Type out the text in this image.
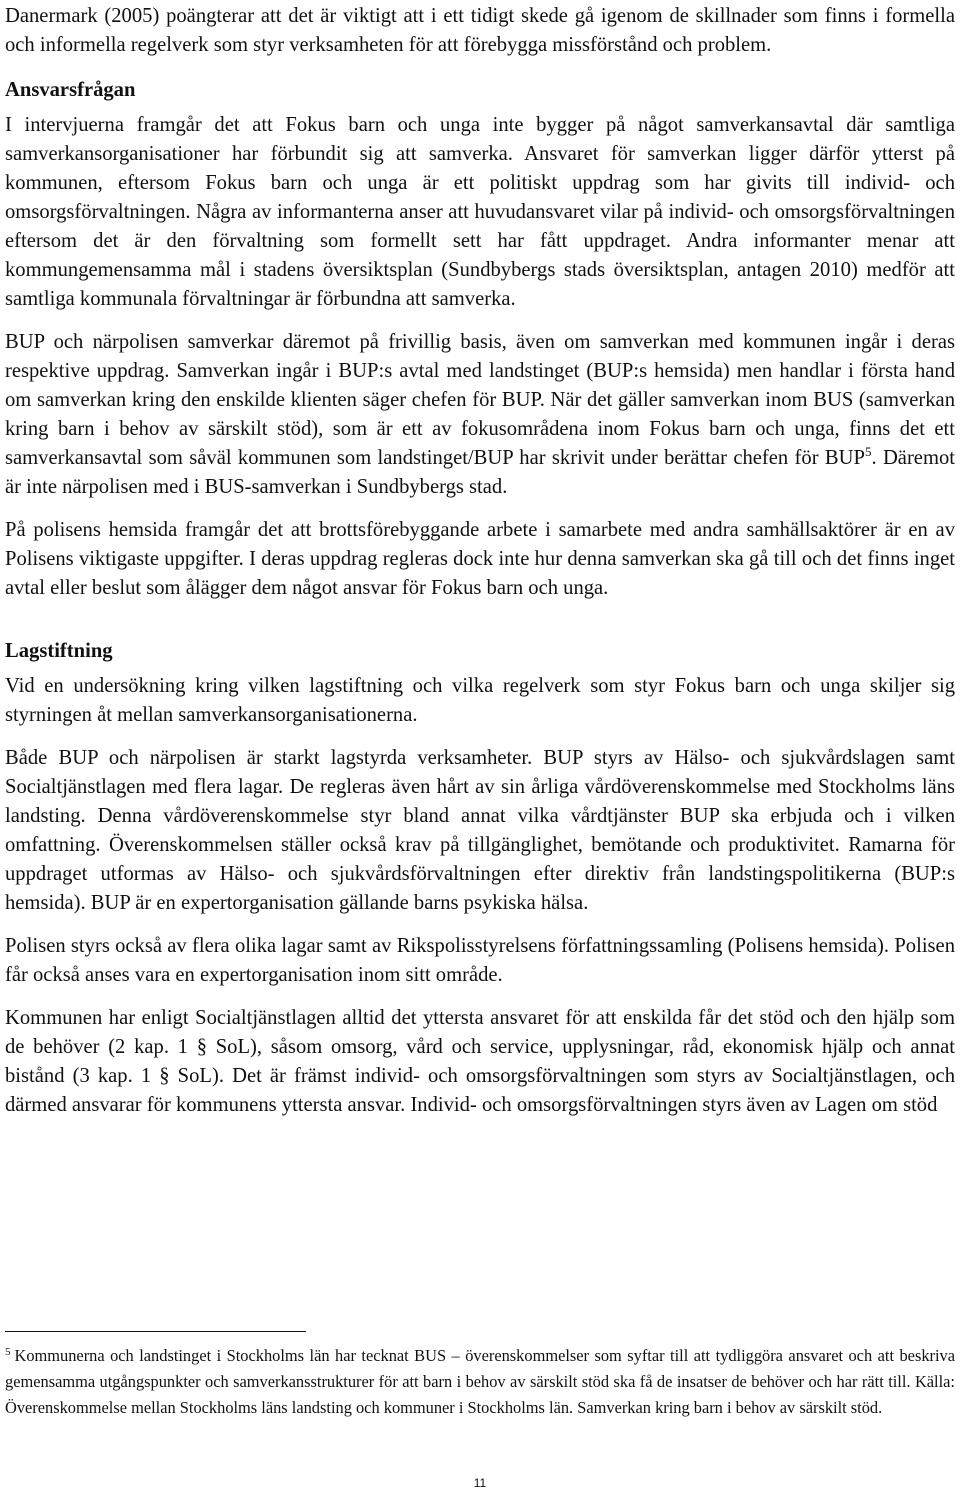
Danermark (2005) poängterar att det är viktigt att i ett tidigt skede gå igenom de skillnader som finns i formella och informella regelverk som styr verksamheten för att förebygga missförstånd och problem.

Ansvarsfrågan

I intervjuerna framgår det att Fokus barn och unga inte bygger på något samverkansavtal där samtliga samverkansorganisationer har förbundit sig att samverka. Ansvaret för samverkan ligger därför ytterst på kommunen, eftersom Fokus barn och unga är ett politiskt uppdrag som har givits till individ- och omsorgsförvaltningen. Några av informanterna anser att huvudansvaret vilar på individ- och omsorgsförvaltningen eftersom det är den förvaltning som formellt sett har fått uppdraget. Andra informanter menar att kommungemensamma mål i stadens översiktsplan (Sundbybergs stads översiktsplan, antagen 2010) medför att samtliga kommunala förvaltningar är förbundna att samverka.

BUP och närpolisen samverkar däremot på frivillig basis, även om samverkan med kommunen ingår i deras respektive uppdrag. Samverkan ingår i BUP:s avtal med landstinget (BUP:s hemsida) men handlar i första hand om samverkan kring den enskilde klienten säger chefen för BUP. När det gäller samverkan inom BUS (samverkan kring barn i behov av särskilt stöd), som är ett av fokusområdena inom Fokus barn och unga, finns det ett samverkansavtal som såväl kommunen som landstinget/BUP har skrivit under berättar chefen för BUP$^5$. Däremot är inte närpolisen med i BUS-samverkan i Sundbybergs stad.

På polisens hemsida framgår det att brottsförebyggande arbete i samarbete med andra samhällsaktörer är en av Polisens viktigaste uppgifter. I deras uppdrag regleras dock inte hur denna samverkan ska gå till och det finns inget avtal eller beslut som ålägger dem något ansvar för Fokus barn och unga.

Lagstiftning

Vid en undersökning kring vilken lagstiftning och vilka regelverk som styr Fokus barn och unga skiljer sig styrningen åt mellan samverkansorganisationerna.

Både BUP och närpolisen är starkt lagstyrda verksamheter. BUP styrs av Hälso- och sjukvårdslagen samt Socialtjänstlagen med flera lagar. De regleras även hårt av sin årliga vårdöverenskommelse med Stockholms läns landsting. Denna vårdöverenskommelse styr bland annat vilka vårdtjänster BUP ska erbjuda och i vilken omfattning. Överenskommelsen ställer också krav på tillgänglighet, bemötande och produktivitet. Ramarna för uppdraget utformas av Hälso- och sjukvårdsförvaltningen efter direktiv från landstingspolitikerna (BUP:s hemsida). BUP är en expertorganisation gällande barns psykiska hälsa.

Polisen styrs också av flera olika lagar samt av Rikspolisstyrelsens författningssamling (Polisens hemsida). Polisen får också anses vara en expertorganisation inom sitt område.

Kommunen har enligt Socialtjänstlagen alltid det yttersta ansvaret för att enskilda får det stöd och den hjälp som de behöver (2 kap. 1 § SoL), såsom omsorg, vård och service, upplysningar, råd, ekonomisk hjälp och annat bistånd (3 kap. 1 § SoL). Det är främst individ- och omsorgsförvaltningen som styrs av Socialtjänstlagen, och därmed ansvarar för kommunens yttersta ansvar. Individ- och omsorgsförvaltningen styrs även av Lagen om stöd

$^5$ Kommunerna och landstinget i Stockholms län har tecknat BUS – överenskommelser som syftar till att tydliggöra ansvaret och att beskriva gemensamma utgångspunkter och samverkansstrukturer för att barn i behov av särskilt stöd ska få de insatser de behöver och har rätt till. Källa: Överenskommelse mellan Stockholms läns landsting och kommuner i Stockholms län. Samverkan kring barn i behov av särskilt stöd.
11
